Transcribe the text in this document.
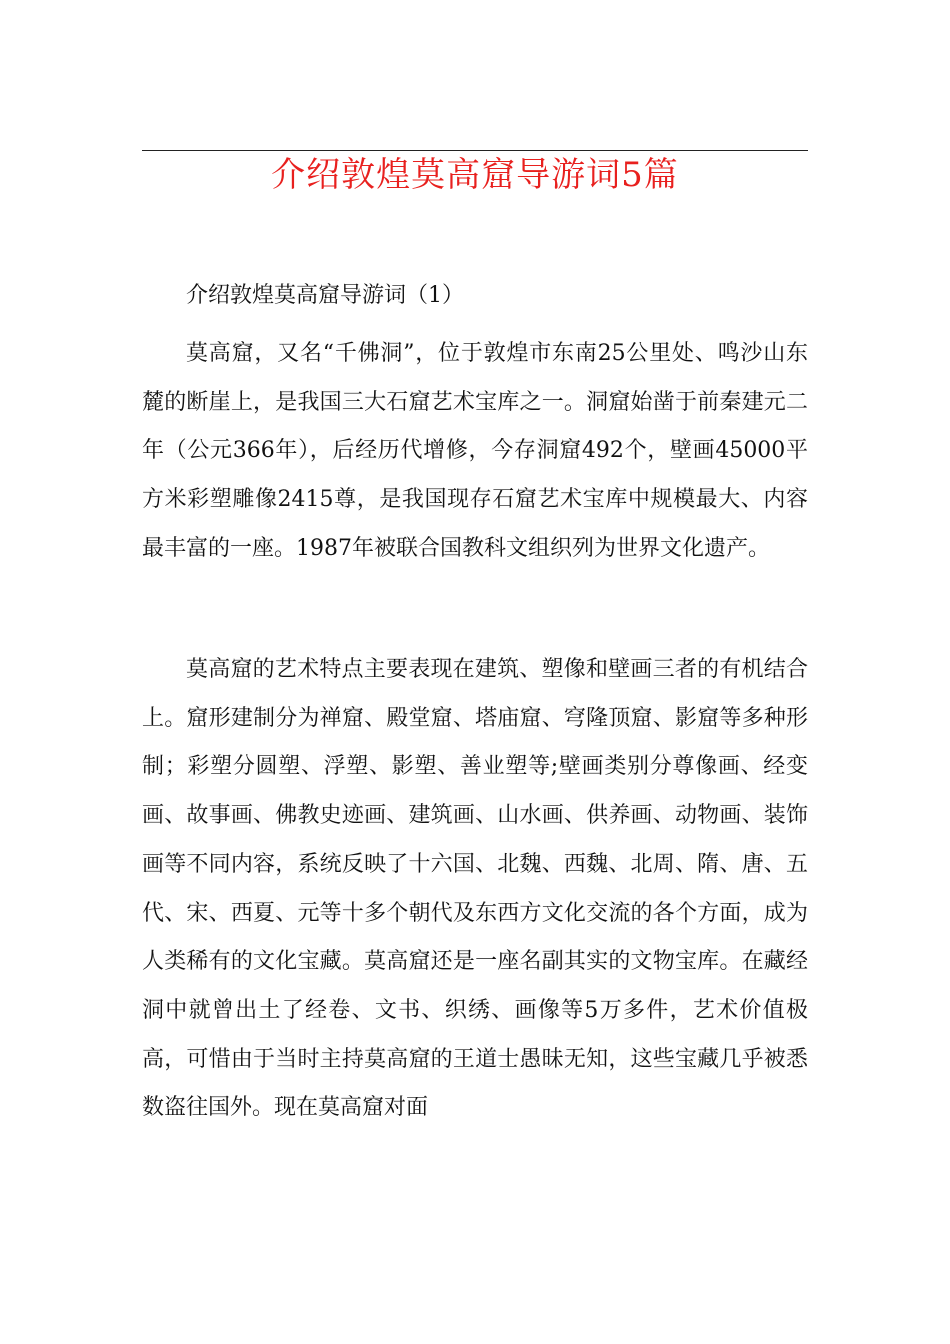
介绍敦煌莫高窟导游词5篇
介绍敦煌莫高窟导游词（1）
莫高窟，又名“千佛洞”，位于敦煌市东南25公里处、鸣沙山东麓的断崖上，是我国三大石窟艺术宝库之一。洞窟始凿于前秦建元二年（公元366年），后经历代增修，今存洞窟492个，壁画45000平方米彩塑雕像2415尊，是我国现存石窟艺术宝库中规模最大、内容最丰富的一座。1987年被联合国教科文组织列为世界文化遗产。
莫高窟的艺术特点主要表现在建筑、塑像和壁画三者的有机结合上。窟形建制分为禅窟、殿堂窟、塔庙窟、穹隆顶窟、影窟等多种形制；彩塑分圆塑、浮塑、影塑、善业塑等;壁画类别分尊像画、经变画、故事画、佛教史迹画、建筑画、山水画、供养画、动物画、装饰画等不同内容，系统反映了十六国、北魏、西魏、北周、隋、唐、五代、宋、西夏、元等十多个朝代及东西方文化交流的各个方面，成为人类稀有的文化宝藏。莫高窟还是一座名副其实的文物宝库。在藏经洞中就曾出土了经卷、文书、织绣、画像等5万多件，艺术价值极高，可惜由于当时主持莫高窟的王道士愚昧无知，这些宝藏几乎被悉数盗往国外。现在莫高窟对面
